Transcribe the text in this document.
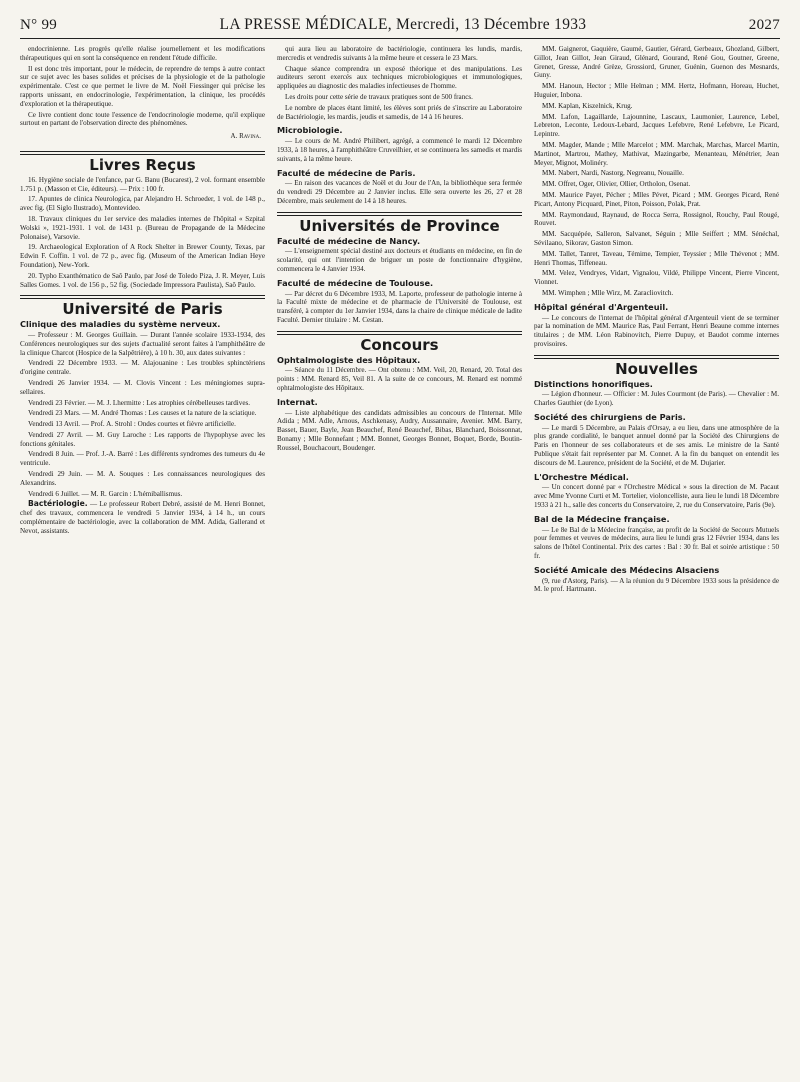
N° 99	LA PRESSE MÉDICALE, Mercredi, 13 Décembre 1933	2027

endocrinienne. Les progrès qu'elle réalise journellement et les modifications thérapeutiques qui en sont la conséquence en rendent l'étude difficile.

Il est donc très important, pour le médecin, de reprendre de temps à autre contact sur ce sujet avec les bases solides et précises de la physiologie et de la pathologie expérimentale. C'est ce que permet le livre de M. Noël Fiessinger qui précise les rapports unissant, en endocrinologie, l'expérimentation, la clinique, les procédés d'exploration et la thérapeutique.

Ce livre contient donc toute l'essence de l'endocrinologie moderne, qu'il explique surtout en partant de l'observation directe des phénomènes.

A. Ravina.
Livres Reçus

16. Hygiène sociale de l'enfance, par G. Banu (Bucarest), 2 vol. formant ensemble 1.751 p. (Masson et Cie, éditeurs). — Prix : 100 fr.

17. Apuntes de clinica Neurologica, par Alejandro H. Schroeder, 1 vol. de 148 p., avec fig. (El Siglo Ilustrado), Montevideo.

18. Travaux cliniques du 1er service des maladies internes de l'hôpital « Szpital Wolski », 1921-1931. 1 vol. de 1431 p. (Bureau de Propagande de la Médecine Polonaise), Varsovie.

19. Archaeological Exploration of A Rock Shelter in Brewer County, Texas, par Edwin F. Coffin. 1 vol. de 72 p., avec fig. (Museum of the American Indian Heye Foundation), New-York.

20. Typho Exanthématico de Saô Paulo, par José de Toledo Piza, J. R. Meyer, Luis Salles Gomes. 1 vol. de 156 p., 52 fig. (Sociedade Impressora Paulista), Saô Paulo.

Université de Paris
Clinique des maladies du système nerveux.

— Professeur : M. Georges Guillain. — Durant l'année scolaire 1933-1934, des Conférences neurologiques sur des sujets d'actualité seront faites à l'amphithéâtre de la clinique Charcot (Hospice de la Salpêtrière), à 10 h. 30, aux dates suivantes :

Vendredi 22 Décembre 1933. — M. Alajouanine : Les troubles sphinctériens d'origine centrale.

Vendredi 26 Janvier 1934. — M. Clovis Vincent : Les méningiomes supra-sellaires.

Vendredi 23 Février. — M. J. Lhermitte : Les atrophies cérébelleuses tardives.

Vendredi 23 Mars. — M. André Thomas : Les causes et la nature de la sciatique.

Vendredi 13 Avril. — Prof. A. Strohl : Ondes courtes et fièvre artificielle.

Vendredi 27 Avril. — M. Guy Laroche : Les rapports de l'hypophyse avec les fonctions génitales.

Vendredi 8 Juin. — Prof. J.-A. Barré : Les différents syndromes des tumeurs du 4e ventricule.

Vendredi 29 Juin. — M. A. Souques : Les connaissances neurologiques des Alexandrins.

Vendredi 6 Juillet. — M. R. Garcin : L'hémiballismus.

Bactériologie. — Le professeur Robert Debré, assisté de M. Henri Bonnet, chef des travaux, commencera le vendredi 5 Janvier 1934, à 14 h., un cours complémentaire de bactériologie, avec la collaboration de MM. Adida, Gallerand et Nevot, assistants.

qui aura lieu au laboratoire de bactériologie, continuera les lundis, mardis, mercredis et vendredis suivants à la même heure et cessera le 23 Mars.

Chaque séance comprendra un exposé théorique et des manipulations. Les auditeurs seront exercés aux techniques microbiologiques et immunologiques, appliquées au diagnostic des maladies infectieuses de l'homme.

Les droits pour cette série de travaux pratiques sont de 500 francs.

Le nombre de places étant limité, les élèves sont priés de s'inscrire au Laboratoire de Bactériologie, les mardis, jeudis et samedis, de 14 à 16 heures.

Microbiologie.

— Le cours de M. André Philibert, agrégé, a commencé le mardi 12 Décembre 1933, à 18 heures, à l'amphithéâtre Cruveilhier, et se continuera les samedis et mardis suivants, à la même heure.

Faculté de médecine de Paris.

— En raison des vacances de Noël et du Jour de l'An, la bibliothèque sera fermée du vendredi 29 Décembre au 2 Janvier inclus. Elle sera ouverte les 26, 27 et 28 Décembre, mais seulement de 14 à 18 heures.

Universités de Province
Faculté de médecine de Nancy.

— L'enseignement spécial destiné aux docteurs et étudiants en médecine, en fin de scolarité, qui ont l'intention de briguer un poste de fonctionnaire d'hygiène, commencera le 4 Janvier 1934.

Faculté de médecine de Toulouse.

— Par décret du 6 Décembre 1933, M. Laporte, professeur de pathologie interne à la Faculté mixte de médecine et de pharmacie de l'Université de Toulouse, est transféré, à compter du 1er Janvier 1934, dans la chaire de clinique médicale de ladite Faculté. Dernier titulaire : M. Cestan.

Concours
Ophtalmologiste des Hôpitaux.

— Séance du 11 Décembre. — Ont obtenu : MM. Veil, 20, Renard, 20. Total des points : MM. Renard 85, Veil 81. A la suite de ce concours, M. Renard est nommé ophtalmologiste des Hôpitaux.

Internat.

— Liste alphabétique des candidats admissibles au concours de l'Internat. Mlle Adida ; MM. Adle, Arnous, Aschkenasy, Audry, Aussannaire, Avenier. MM. Barry, Basset, Bauer, Bayle, Jean Beauchef, René Beauchef, Bibas, Blanchard, Boissonnat, Bonamy ; Mlle Bonnefant ; MM. Bonnet, Georges Bonnet, Boquet, Borde, Boutin-Roussel, Bouchacourt, Boudenger.

MM. Gaignerot, Gaquière, Gaumé, Gautier, Gérard, Gerbeaux, Ghozland, Gilbert, Gillot, Jean Gillot, Jean Giraud, Glénard, Gourand, René Gou, Goutner, Greene, Grenet, Gresse, André Grèze, Grossiord, Gruner, Guénin, Guenon des Mesnards, Guny.

MM. Hanoun, Hector ; Mlle Helman ; MM. Hertz, Hofmann, Horeau, Huchet, Huguier, Inbona.

MM. Kaplan, Kiszelnick, Krug.

MM. Lafon, Lagaillarde, Lajounnine, Lascaux, Laumonier, Laurence, Lebel, Lebreton, Leconte, Ledoux-Lebard, Jacques Lefebvre, René Lefebvre, Le Picard, Lepintre.

MM. Magder, Mande ; Mlle Marcelot ; MM. Marchak, Marchas, Marcel Martin, Martinot, Martrou, Mathey, Mathivat, Mazingarbe, Menanteau, Ménétrier, Jean Meyer, Mignot, Molinéry.

MM. Nabert, Nardi, Nastorg, Negreanu, Nouaille.

MM. Offret, Oger, Olivier, Ollier, Ortholon, Osenat.

MM. Maurice Payet, Pécher ; Mlles Pévet, Picard ; MM. Georges Picard, René Picart, Antony Picquard, Pinet, Piton, Poisson, Polak, Prat.

MM. Raymondaud, Raynaud, de Rocca Serra, Rossignol, Rouchy, Paul Rougé, Rouvet.

MM. Sacquépée, Salleron, Salvanet, Séguin ; Mlle Seiffert ; MM. Sénéchal, Sévilaano, Sikorav, Gaston Simon.

MM. Tallet, Tanret, Taveau, Témime, Tempier, Teyssier ; Mlle Thévenot ; MM. Henri Thomas, Tiffeneau.

MM. Velez, Vendryes, Vidart, Vignalou, Vildé, Philippe Vincent, Pierre Vincent, Vionnet.

MM. Wimphen ; Mlle Wirz, M. Zaracliovitch.

Hôpital général d'Argenteuil.

— Le concours de l'internat de l'hôpital général d'Argenteuil vient de se terminer par la nomination de MM. Maurice Ras, Paul Ferrant, Henri Beaune comme internes titulaires ; de MM. Léon Rabinovitch, Pierre Dupuy, et Baudot comme internes provisoires.

Nouvelles
Distinctions honorifiques.

— Légion d'honneur. — Officier : M. Jules Courmont (de Paris). — Chevalier : M. Charles Gauthier (de Lyon).

Société des chirurgiens de Paris.

— Le mardi 5 Décembre, au Palais d'Orsay, a eu lieu, dans une atmosphère de la plus grande cordialité, le banquet annuel donné par la Société des Chirurgiens de Paris en l'honneur de ses collaborateurs et de ses amis. Le ministre de la Santé Publique s'était fait représenter par M. Connet. A la fin du banquet on entendit les discours de M. Laurence, président de la Société, et de M. Dujarier.

L'Orchestre Médical.

— Un concert donné par « l'Orchestre Médical » sous la direction de M. Pacaut avec Mme Yvonne Curti et M. Tortelier, violoncelliste, aura lieu le lundi 18 Décembre 1933 à 21 h., salle des concerts du Conservatoire, 2, rue du Conservatoire, Paris (9e).

Bal de la Médecine française.

— Le 8e Bal de la Médecine française, au profit de la Société de Secours Mutuels pour femmes et veuves de médecins, aura lieu le lundi gras 12 Février 1934, dans les salons de l'hôtel Continental. Prix des cartes : Bal : 30 fr. Bal et soirée artistique : 50 fr.

Société Amicale des Médecins Alsaciens

(9, rue d'Astorg, Paris). — A la réunion du 9 Décembre 1933 sous la présidence de M. le prof. Hartmann.
